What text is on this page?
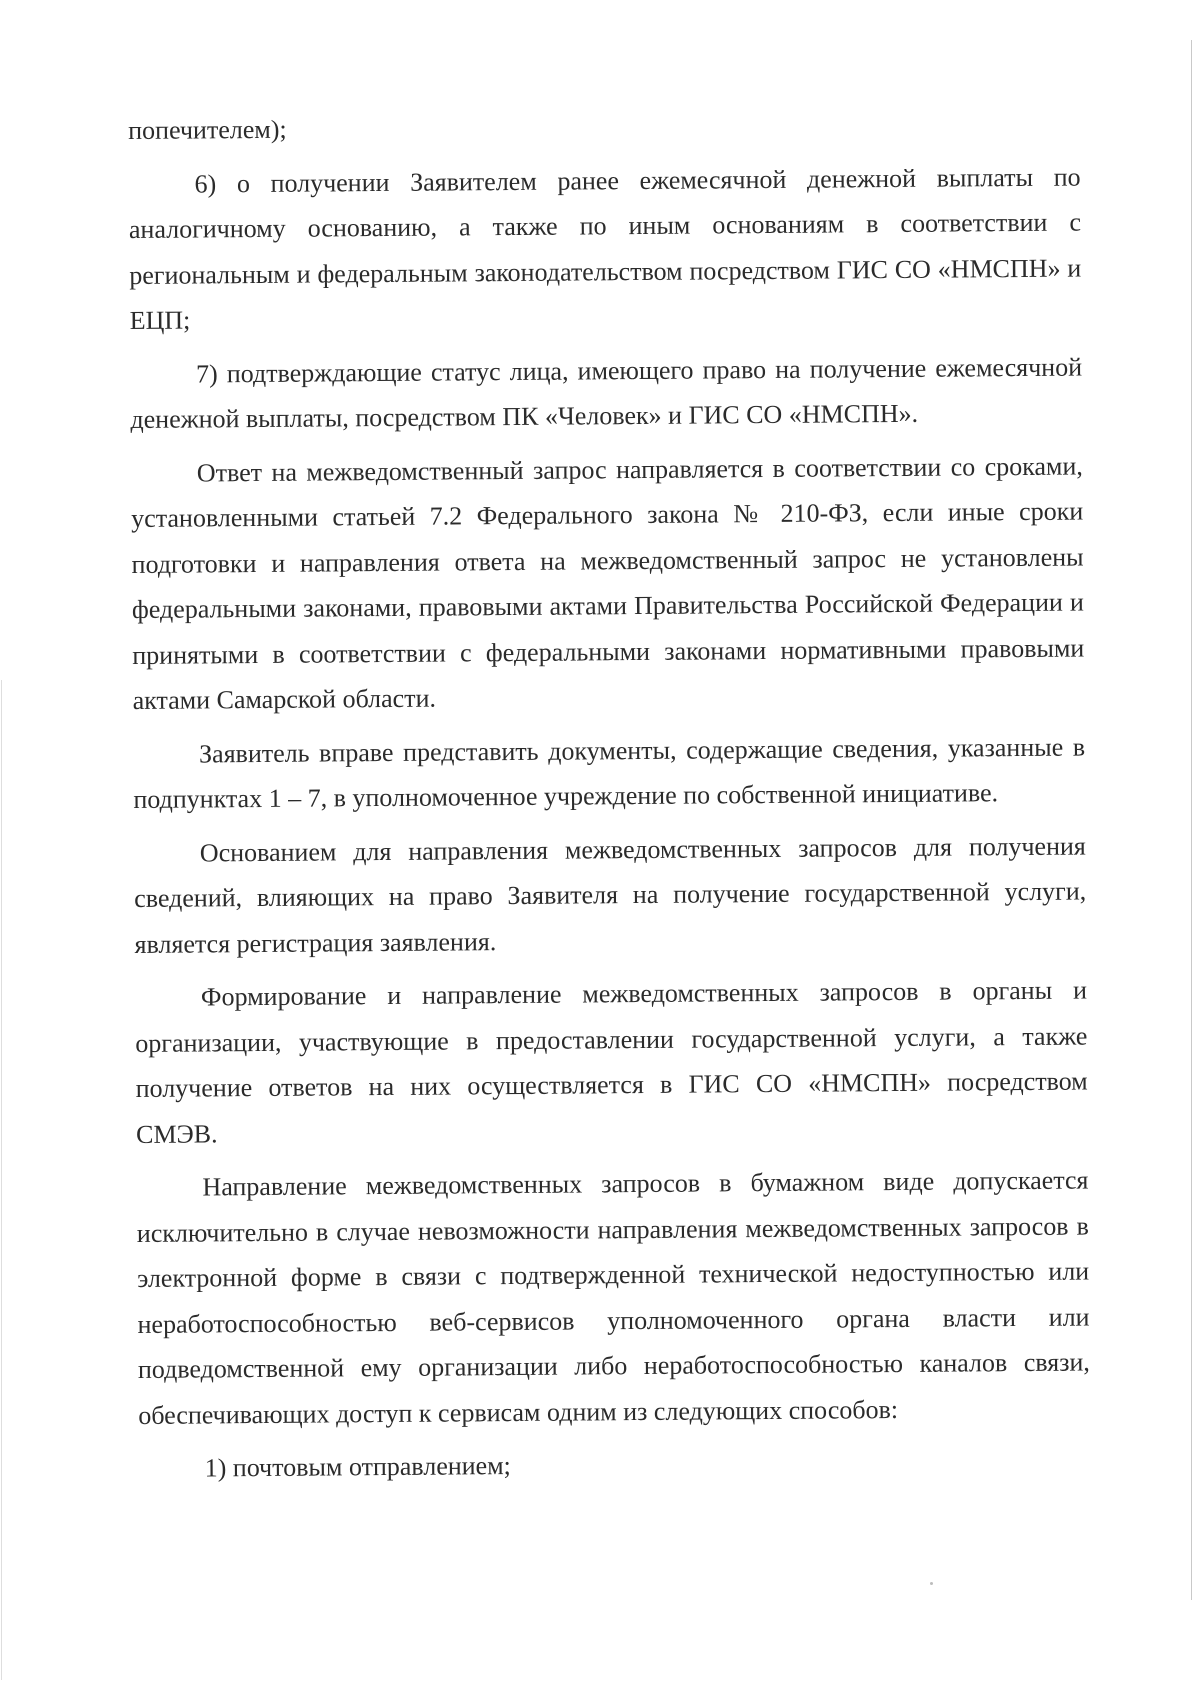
попечителем);

6) о получении Заявителем ранее ежемесячной денежной выплаты по аналогичному основанию, а также по иным основаниям в соответствии с региональным и федеральным законодательством посредством ГИС СО «НМСПН» и ЕЦП;

7) подтверждающие статус лица, имеющего право на получение ежемесячной денежной выплаты, посредством ПК «Человек» и ГИС СО «НМСПН».

Ответ на межведомственный запрос направляется в соответствии со сроками, установленными статьей 7.2 Федерального закона № 210-ФЗ, если иные сроки подготовки и направления ответа на межведомственный запрос не установлены федеральными законами, правовыми актами Правительства Российской Федерации и принятыми в соответствии с федеральными законами нормативными правовыми актами Самарской области.

Заявитель вправе представить документы, содержащие сведения, указанные в подпунктах 1 – 7, в уполномоченное учреждение по собственной инициативе.

Основанием для направления межведомственных запросов для получения сведений, влияющих на право Заявителя на получение государственной услуги, является регистрация заявления.

Формирование и направление межведомственных запросов в органы и организации, участвующие в предоставлении государственной услуги, а также получение ответов на них осуществляется в ГИС СО «НМСПН» посредством СМЭВ.

Направление межведомственных запросов в бумажном виде допускается исключительно в случае невозможности направления межведомственных запросов в электронной форме в связи с подтвержденной технической недоступностью или неработоспособностью веб-сервисов уполномоченного органа власти или подведомственной ему организации либо неработоспособностью каналов связи, обеспечивающих доступ к сервисам одним из следующих способов:

1) почтовым отправлением;
